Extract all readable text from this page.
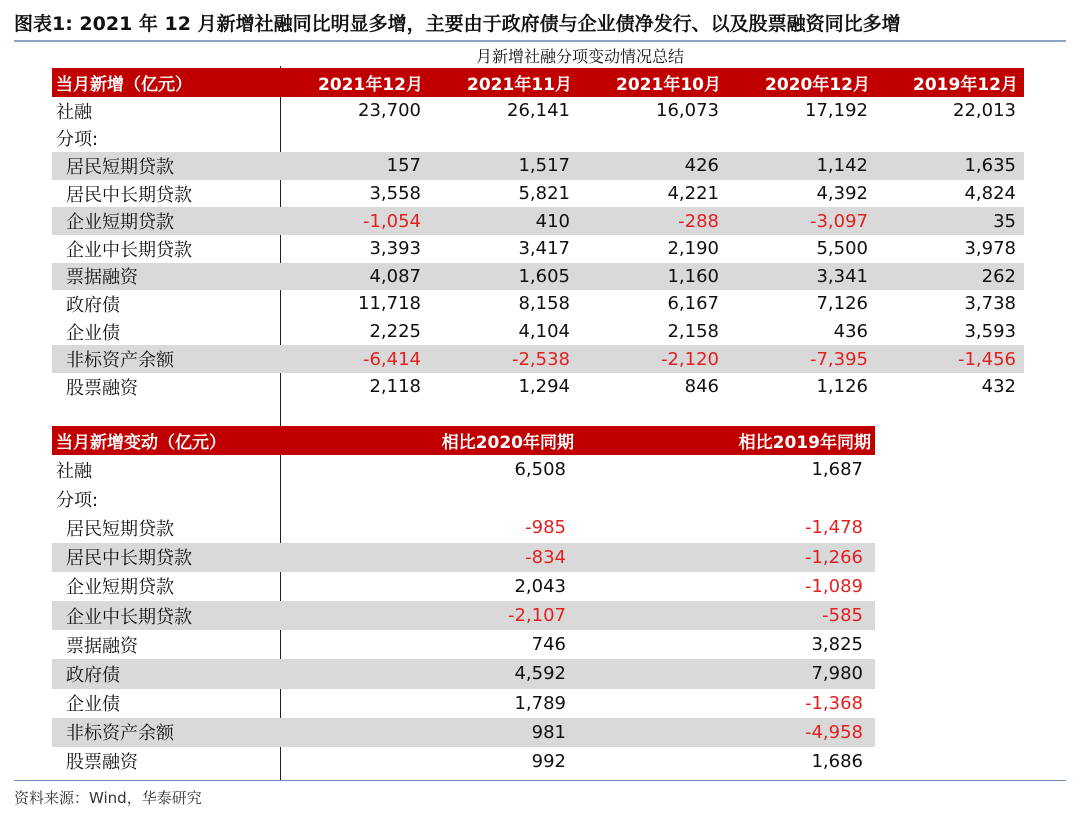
图表1: 2021 年 12 月新增社融同比明显多增，主要由于政府债与企业债净发行、以及股票融资同比多增
月新增社融分项变动情况总结
当月新增（亿元）	2021年12月	2021年11月	2021年10月	2020年12月	2019年12月
社融	23,700	26,141	16,073	17,192	22,013
分项:					
居民短期贷款	157	1,517	426	1,142	1,635
居民中长期贷款	3,558	5,821	4,221	4,392	4,824
企业短期贷款	-1,054	410	-288	-3,097	35
企业中长期贷款	3,393	3,417	2,190	5,500	3,978
票据融资	4,087	1,605	1,160	3,341	262
政府债	11,718	8,158	6,167	7,126	3,738
企业债	2,225	4,104	2,158	436	3,593
非标资产余额	-6,414	-2,538	-2,120	-7,395	-1,456
股票融资	2,118	1,294	846	1,126	432
当月新增变动（亿元）	相比2020年同期	相比2019年同期
社融	6,508	1,687
分项:		
居民短期贷款	-985	-1,478
居民中长期贷款	-834	-1,266
企业短期贷款	2,043	-1,089
企业中长期贷款	-2,107	-585
票据融资	746	3,825
政府债	4,592	7,980
企业债	1,789	-1,368
非标资产余额	981	-4,958
股票融资	992	1,686
资料来源：Wind，华泰研究
